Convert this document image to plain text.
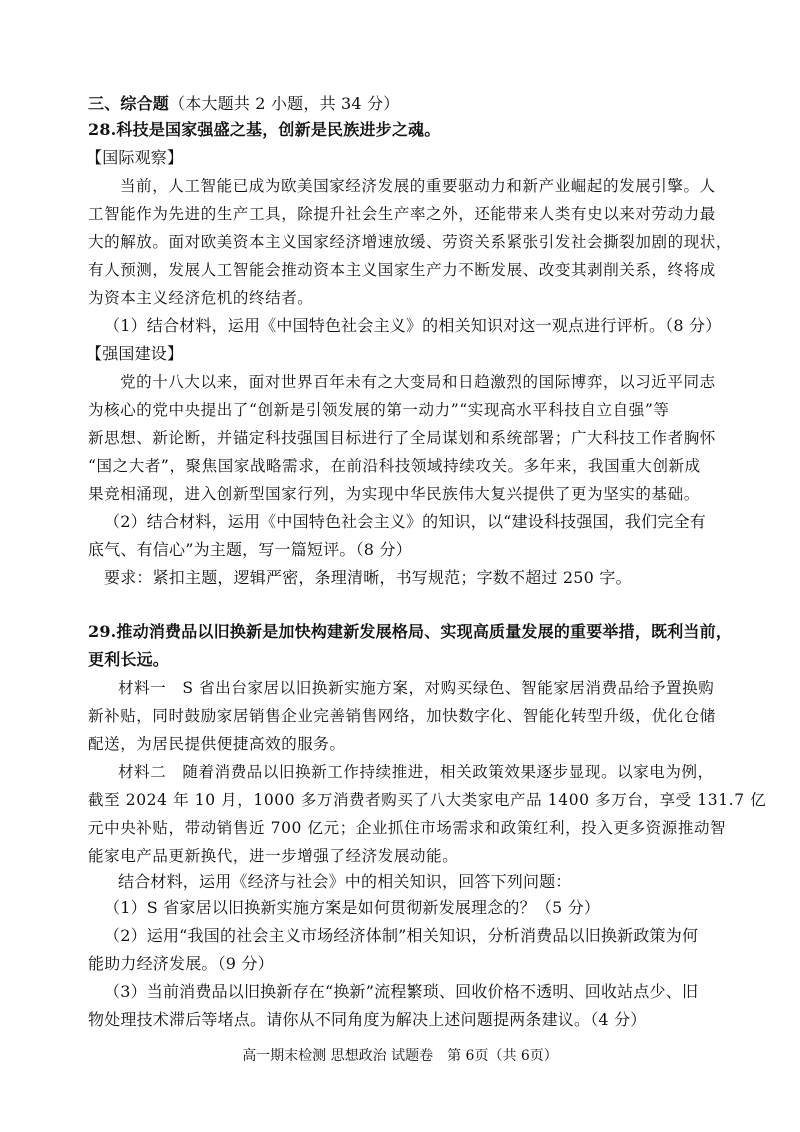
三、综合题（本大题共 2 小题，共 34 分）
28.科技是国家强盛之基，创新是民族进步之魂。
【国际观察】
当前，人工智能已成为欧美国家经济发展的重要驱动力和新产业崛起的发展引擎。人
工智能作为先进的生产工具，除提升社会生产率之外，还能带来人类有史以来对劳动力最
大的解放。面对欧美资本主义国家经济增速放缓、劳资关系紧张引发社会撕裂加剧的现状，
有人预测，发展人工智能会推动资本主义国家生产力不断发展、改变其剥削关系，终将成
为资本主义经济危机的终结者。
（1）结合材料，运用《中国特色社会主义》的相关知识对这一观点进行评析。（8 分）
【强国建设】
党的十八大以来，面对世界百年未有之大变局和日趋激烈的国际博弈，以习近平同志
为核心的党中央提出了“创新是引领发展的第一动力”“实现高水平科技自立自强”等
新思想、新论断，并锚定科技强国目标进行了全局谋划和系统部署；广大科技工作者胸怀
“国之大者”，聚焦国家战略需求，在前沿科技领域持续攻关。多年来，我国重大创新成
果竞相涌现，进入创新型国家行列，为实现中华民族伟大复兴提供了更为坚实的基础。
（2）结合材料，运用《中国特色社会主义》的知识，以“建设科技强国，我们完全有
底气、有信心”为主题，写一篇短评。（8 分）
要求：紧扣主题，逻辑严密，条理清晰，书写规范；字数不超过 250 字。
29.推动消费品以旧换新是加快构建新发展格局、实现高质量发展的重要举措，既利当前，
更利长远。
材料一　S 省出台家居以旧换新实施方案，对购买绿色、智能家居消费品给予置换购
新补贴，同时鼓励家居销售企业完善销售网络，加快数字化、智能化转型升级，优化仓储
配送，为居民提供便捷高效的服务。
材料二　随着消费品以旧换新工作持续推进，相关政策效果逐步显现。以家电为例，
截至 2024 年 10 月，1000 多万消费者购买了八大类家电产品 1400 多万台，享受 131.7 亿
元中央补贴，带动销售近 700 亿元；企业抓住市场需求和政策红利，投入更多资源推动智
能家电产品更新换代，进一步增强了经济发展动能。
结合材料，运用《经济与社会》中的相关知识，回答下列问题：
（1）S 省家居以旧换新实施方案是如何贯彻新发展理念的？（5 分）
（2）运用“我国的社会主义市场经济体制”相关知识，分析消费品以旧换新政策为何
能助力经济发展。（9 分）
（3）当前消费品以旧换新存在“换新”流程繁琐、回收价格不透明、回收站点少、旧
物处理技术滞后等堵点。请你从不同角度为解决上述问题提两条建议。（4 分）
高一期末检测 思想政治 试题卷　第 6页（共 6页）
